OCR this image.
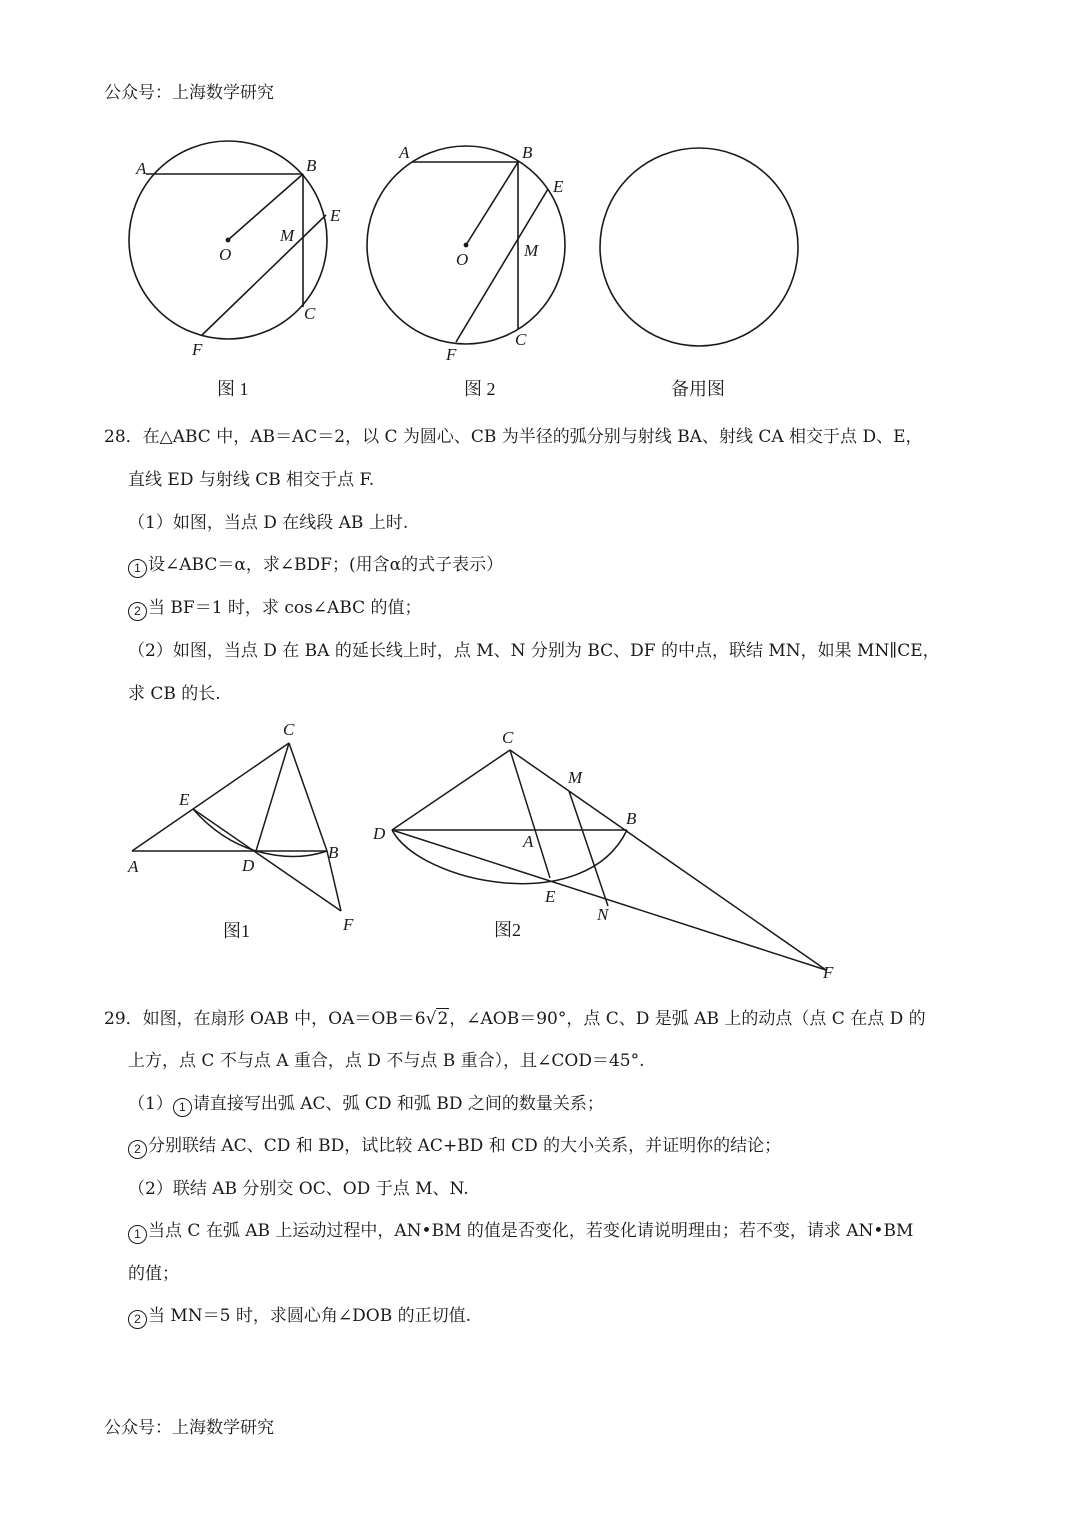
公众号：上海数学研究
A	B
E
M
O
C
F
图 1
A	B
E
O	M
C
F
图 2	备用图
28．在△ABC 中，AB＝AC＝2，以 C 为圆心、CB 为半径的弧分别与射线 BA、射线 CA 相交于点 D、E，
直线 ED 与射线 CB 相交于点 F.
（1）如图，当点 D 在线段 AB 上时.
1 设∠ABC＝α，求∠BDF；(用含α的式子表示）
2 当 BF＝1 时，求 cos∠ABC 的值；
（2）如图，当点 D 在 BA 的延长线上时，点 M、N 分别为 BC、DF 的中点，联结 MN，如果 MN∥CE，
求 CB 的长.
C
E
A	D
B
F
图1
C
M
B
D	A
E
N
F
图2
29．如图，在扇形 OAB 中，OA＝OB＝6√2，∠AOB＝90°，点 C、D 是弧 AB 上的动点（点 C 在点 D 的
上方，点 C 不与点 A 重合，点 D 不与点 B 重合），且∠COD＝45°.
（1） 1 请直接写出弧 AC、弧 CD 和弧 BD 之间的数量关系；
2 分别联结 AC、CD 和 BD，试比较 AC+BD 和 CD 的大小关系，并证明你的结论；
（2）联结 AB 分别交 OC、OD 于点 M、N.
1 当点 C 在弧 AB 上运动过程中，AN•BM 的值是否变化，若变化请说明理由；若不变，请求 AN•BM
的值；
2 当 MN＝5 时，求圆心角∠DOB 的正切值.
公众号：上海数学研究
